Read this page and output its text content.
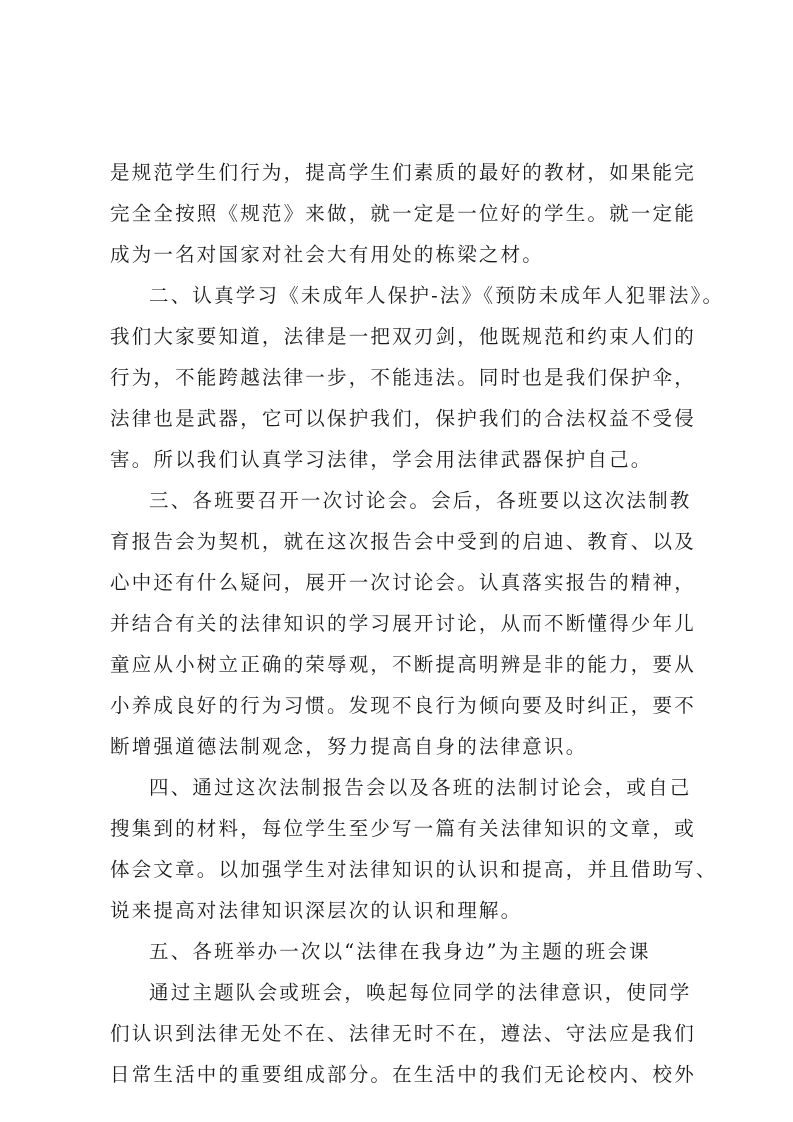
是规范学生们行为，提高学生们素质的最好的教材，如果能完
完全全按照《规范》来做，就一定是一位好的学生。就一定能
成为一名对国家对社会大有用处的栋梁之材。
二、认真学习《未成年人保护-法》《预防未成年人犯罪法》。
我们大家要知道，法律是一把双刃剑，他既规范和约束人们的
行为，不能跨越法律一步，不能违法。同时也是我们保护伞，
法律也是武器，它可以保护我们，保护我们的合法权益不受侵
害。所以我们认真学习法律，学会用法律武器保护自己。
三、各班要召开一次讨论会。会后，各班要以这次法制教
育报告会为契机，就在这次报告会中受到的启迪、教育、以及
心中还有什么疑问，展开一次讨论会。认真落实报告的精神，
并结合有关的法律知识的学习展开讨论，从而不断懂得少年儿
童应从小树立正确的荣辱观，不断提高明辨是非的能力，要从
小养成良好的行为习惯。发现不良行为倾向要及时纠正，要不
断增强道德法制观念，努力提高自身的法律意识。
四、通过这次法制报告会以及各班的法制讨论会，或自己
搜集到的材料，每位学生至少写一篇有关法律知识的文章，或
体会文章。以加强学生对法律知识的认识和提高，并且借助写、
说来提高对法律知识深层次的认识和理解。
五、各班举办一次以“法律在我身边”为主题的班会课
通过主题队会或班会，唤起每位同学的法律意识，使同学
们认识到法律无处不在、法律无时不在，遵法、守法应是我们
日常生活中的重要组成部分。在生活中的我们无论校内、校外
